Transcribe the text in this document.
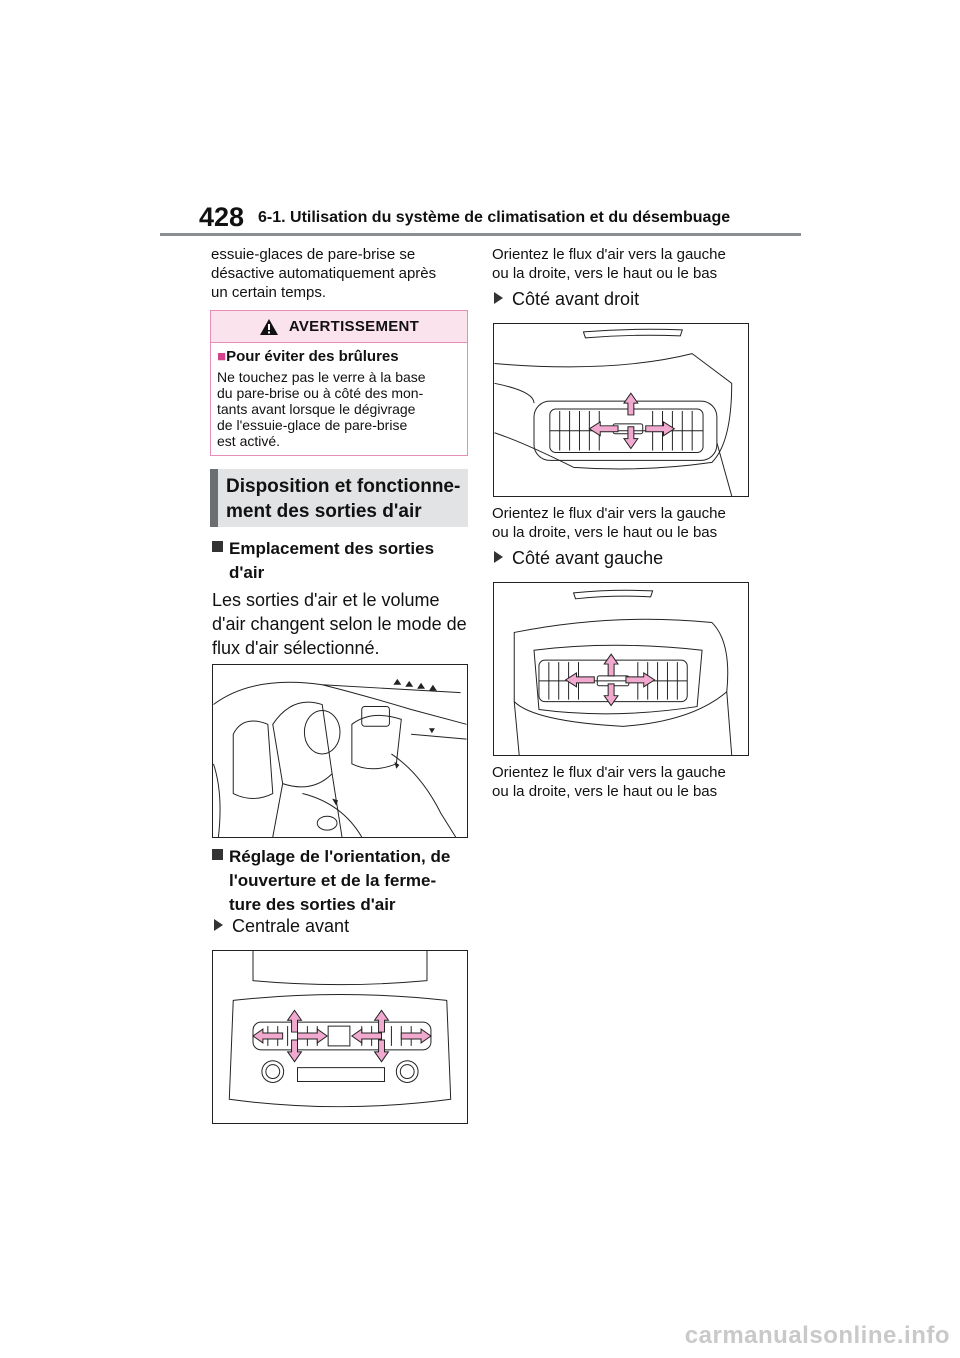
428 6-1. Utilisation du système de climatisation et du désembuage
essuie-glaces de pare-brise se
désactive automatiquement après
un certain temps.
AVERTISSEMENT
■Pour éviter des brûlures
Ne touchez pas le verre à la base
du pare-brise ou à côté des mon-
tants avant lorsque le dégivrage
de l'essuie-glace de pare-brise
est activé.
Disposition et fonctionne-
ment des sorties d'air
Emplacement des sorties
d'air
Les sorties d'air et le volume
d'air changent selon le mode de
flux d'air sélectionné.
Réglage de l'orientation, de
l'ouverture et de la ferme-
ture des sorties d'air
Centrale avant
Orientez le flux d'air vers la gauche
ou la droite, vers le haut ou le bas
Côté avant droit
Orientez le flux d'air vers la gauche
ou la droite, vers le haut ou le bas
Côté avant gauche
Orientez le flux d'air vers la gauche
ou la droite, vers le haut ou le bas
carmanualsonline.info
